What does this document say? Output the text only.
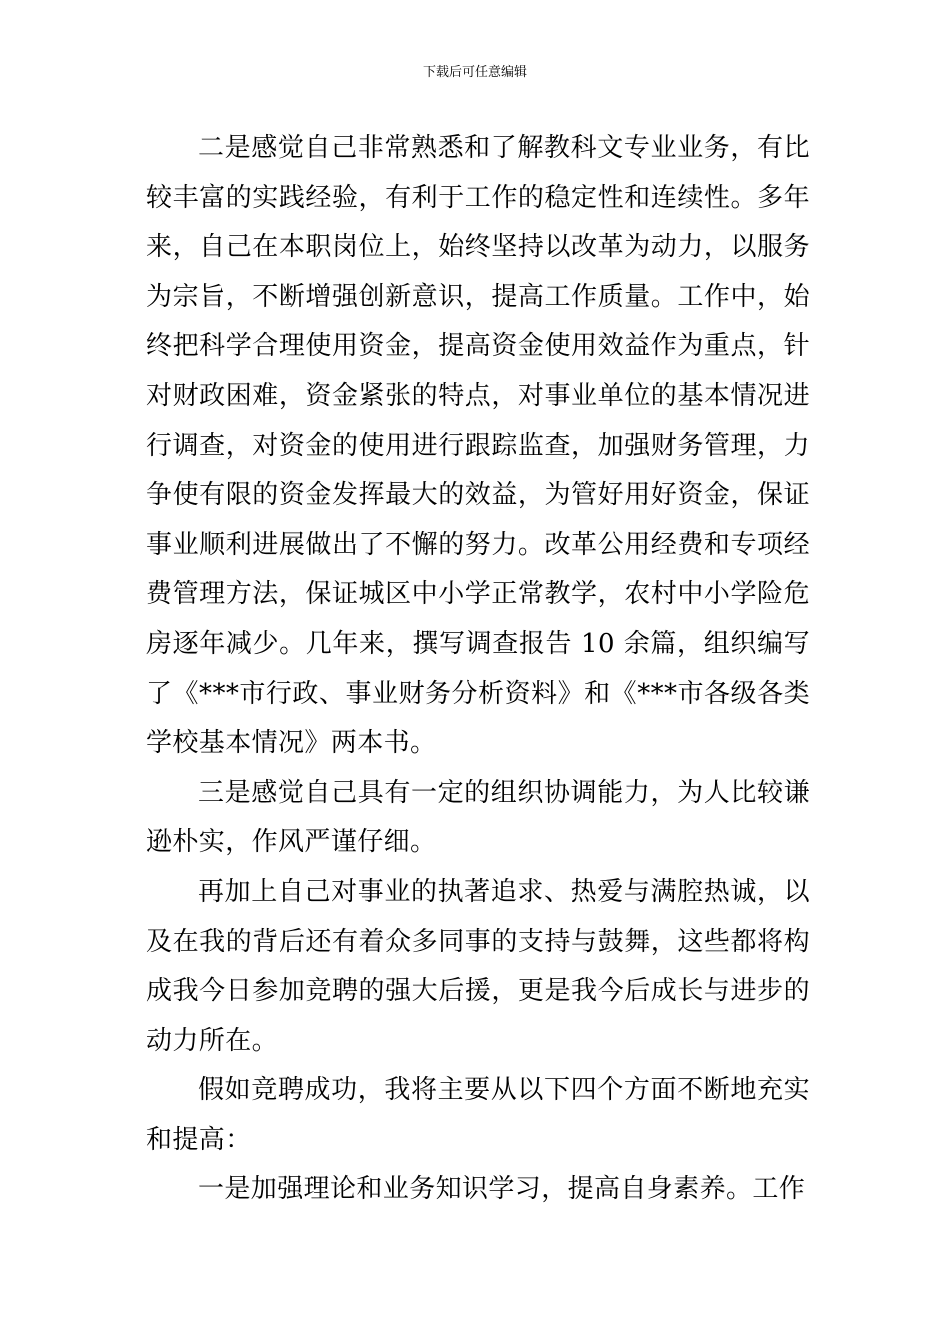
下载后可任意编辑

二是感觉自己非常熟悉和了解教科文专业业务，有比较丰富的实践经验，有利于工作的稳定性和连续性。多年来，自己在本职岗位上，始终坚持以改革为动力，以服务为宗旨，不断增强创新意识，提高工作质量。工作中，始终把科学合理使用资金，提高资金使用效益作为重点，针对财政困难，资金紧张的特点，对事业单位的基本情况进行调查，对资金的使用进行跟踪监查，加强财务管理，力争使有限的资金发挥最大的效益，为管好用好资金，保证事业顺利进展做出了不懈的努力。改革公用经费和专项经费管理方法，保证城区中小学正常教学，农村中小学险危房逐年减少。几年来，撰写调查报告 10 余篇，组织编写了《***市行政、事业财务分析资料》和《***市各级各类学校基本情况》两本书。

三是感觉自己具有一定的组织协调能力，为人比较谦逊朴实，作风严谨仔细。

再加上自己对事业的执著追求、热爱与满腔热诚，以及在我的背后还有着众多同事的支持与鼓舞，这些都将构成我今日参加竞聘的强大后援，更是我今后成长与进步的动力所在。

假如竞聘成功，我将主要从以下四个方面不断地充实和提高：

一是加强理论和业务知识学习，提高自身素养。工作
